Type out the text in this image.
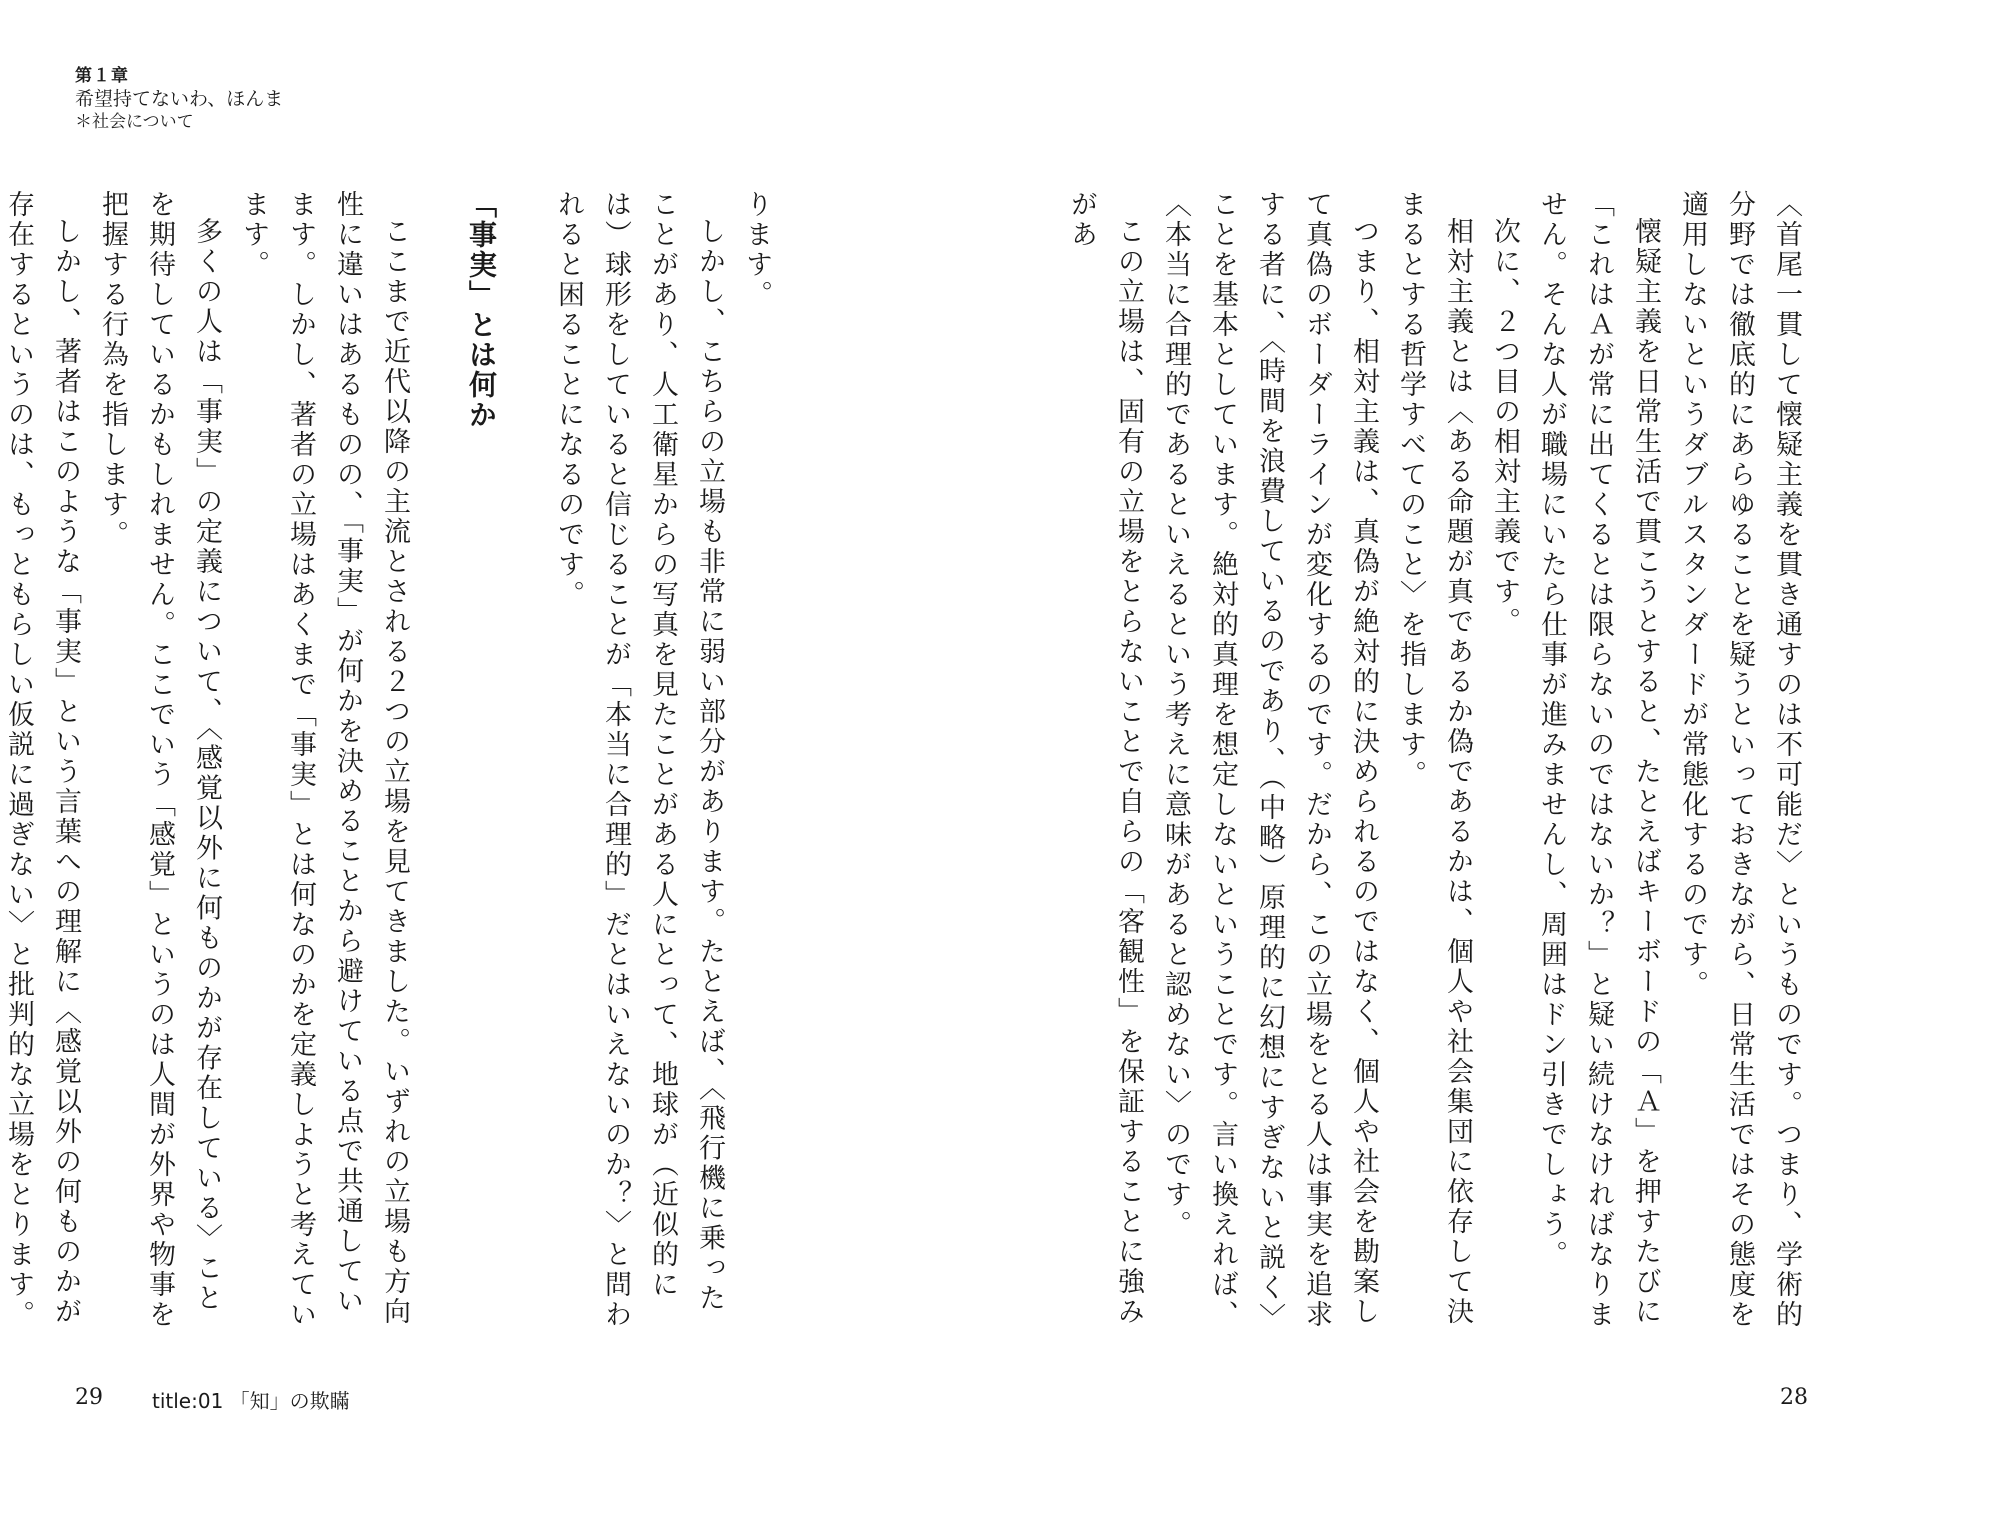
第１章
希望持てないわ、ほんま
＊社会について

〈首尾一貫して懐疑主義を貫き通すのは不可能だ〉というものです。つまり、学術的分野では徹底的にあらゆることを疑うといっておきながら、日常生活ではその態度を適用しないというダブルスタンダードが常態化するのです。

懐疑主義を日常生活で貫こうとすると、たとえばキーボードの「Ａ」を押すたびに「これはＡが常に出てくるとは限らないのではないか？」と疑い続けなければなりません。そんな人が職場にいたら仕事が進みませんし、周囲はドン引きでしょう。

次に、２つ目の相対主義です。

相対主義とは〈ある命題が真であるか偽であるかは、個人や社会集団に依存して決まるとする哲学すべてのこと〉を指します。

つまり、相対主義は、真偽が絶対的に決められるのではなく、個人や社会を勘案して真偽のボーダーラインが変化するのです。だから、この立場をとる人は事実を追求する者に、〈時間を浪費しているのであり、（中略）原理的に幻想にすぎないと説く〉ことを基本としています。絶対的真理を想定しないということです。言い換えれば、〈本当に合理的であるといえるという考えに意味があると認めない〉のです。

この立場は、固有の立場をとらないことで自らの「客観性」を保証することに強みがあ

ります。

しかし、こちらの立場も非常に弱い部分があります。たとえば、〈飛行機に乗ったことがあり、人工衛星からの写真を見たことがある人にとって、地球が（近似的には）球形をしていると信じることが「本当に合理的」だとはいえないのか？〉と問われると困ることになるのです。

「事実」とは何か

ここまで近代以降の主流とされる２つの立場を見てきました。いずれの立場も方向性に違いはあるものの、「事実」が何かを決めることから避けている点で共通しています。しかし、著者の立場はあくまで「事実」とは何なのかを定義しようと考えています。

多くの人は「事実」の定義について、〈感覚以外に何ものかが存在している〉ことを期待しているかもしれません。ここでいう「感覚」というのは人間が外界や物事を把握する行為を指します。

しかし、著者はこのような「事実」という言葉への理解に〈感覚以外の何ものかが存在するというのは、もっともらしい仮説に過ぎない〉と批判的な立場をとります。

29 title:01 「知」の欺瞞	28
